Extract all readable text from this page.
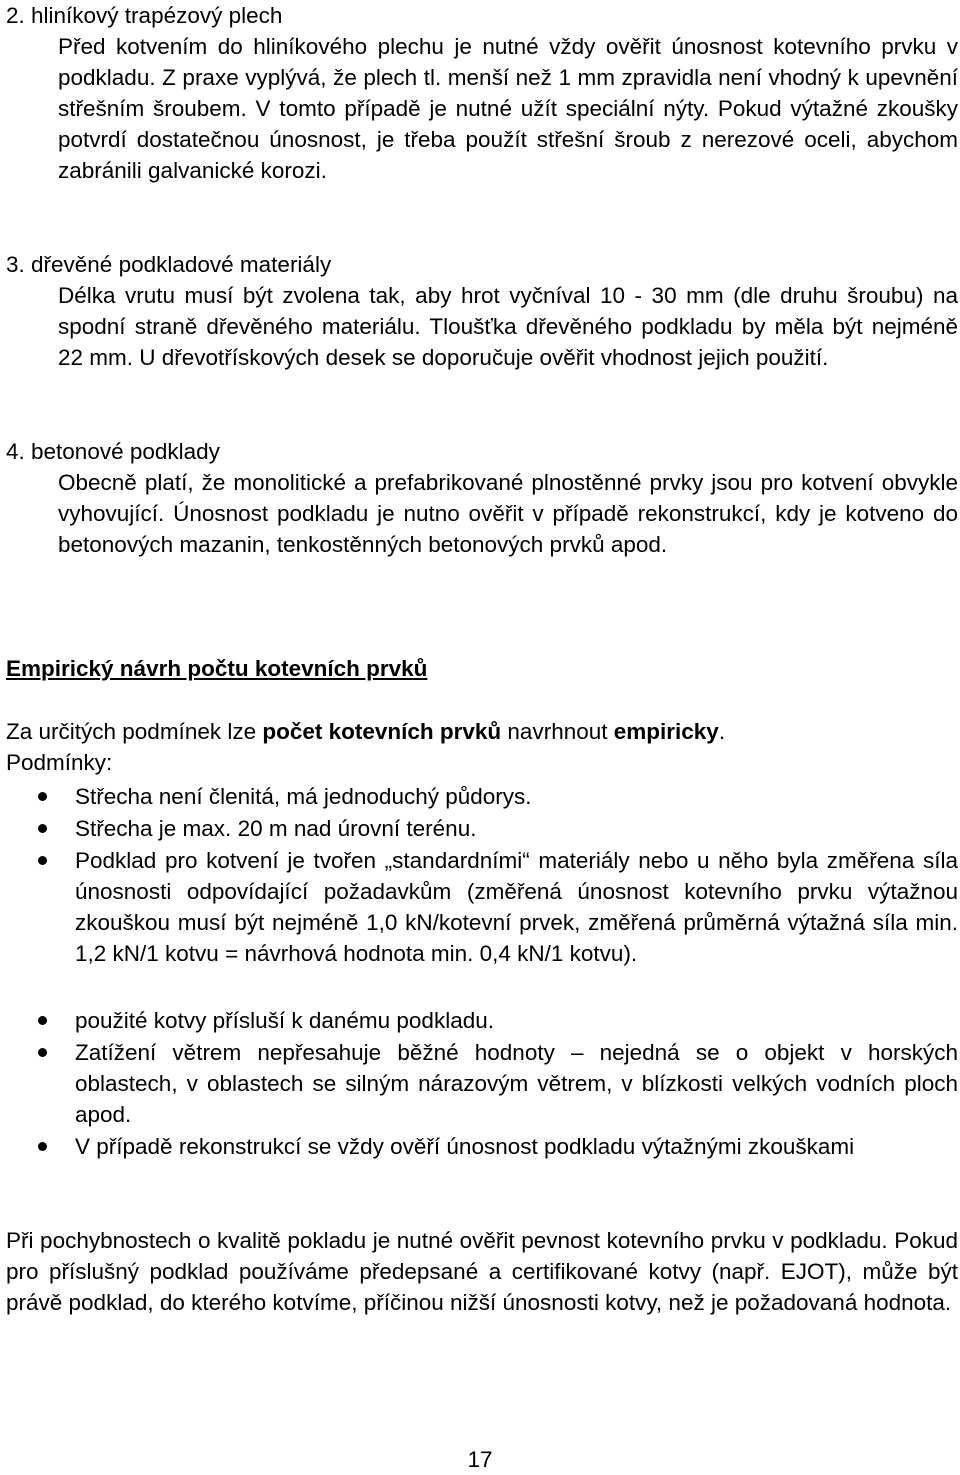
2. hliníkový trapézový plech

Před kotvením do hliníkového plechu je nutné vždy ověřit únosnost kotevního prvku v podkladu. Z praxe vyplývá, že plech tl. menší než 1 mm zpravidla není vhodný k upevnění střešním šroubem. V tomto případě je nutné užít speciální nýty. Pokud výtažné zkoušky potvrdí dostatečnou únosnost, je třeba použít střešní šroub z nerezové oceli, abychom zabránili galvanické korozi.

3. dřevěné podkladové materiály

Délka vrutu musí být zvolena tak, aby hrot vyčníval 10 - 30 mm (dle druhu šroubu) na spodní straně dřevěného materiálu. Tloušťka dřevěného podkladu by měla být nejméně 22 mm. U dřevotřískových desek se doporučuje ověřit vhodnost jejich použití.

4. betonové podklady

Obecně platí, že monolitické a prefabrikované plnostěnné prvky jsou pro kotvení obvykle vyhovující. Únosnost podkladu je nutno ověřit v případě rekonstrukcí, kdy je kotveno do betonových mazanin, tenkostěnných betonových prvků apod.

Empirický návrh počtu kotevních prvků

Za určitých podmínek lze počet kotevních prvků navrhnout empiricky.

Podmínky:

Střecha není členitá, má jednoduchý půdorys.
Střecha je max. 20 m nad úrovní terénu.
Podklad pro kotvení je tvořen „standardními“ materiály nebo u něho byla změřena síla únosnosti odpovídající požadavkům (změřená únosnost kotevního prvku výtažnou zkouškou musí být nejméně 1,0 kN/kotevní prvek, změřená průměrná výtažná síla min. 1,2 kN/1 kotvu = návrhová hodnota min. 0,4 kN/1 kotvu).
použité kotvy přísluší k danému podkladu.
Zatížení větrem nepřesahuje běžné hodnoty – nejedná se o objekt v horských oblastech, v oblastech se silným nárazovým větrem, v blízkosti velkých vodních ploch apod.
V případě rekonstrukcí se vždy ověří únosnost podkladu výtažnými zkouškami

Při pochybnostech o kvalitě pokladu je nutné ověřit pevnost kotevního prvku v podkladu. Pokud pro příslušný podklad používáme předepsané a certifikované kotvy (např. EJOT), může být právě podklad, do kterého kotvíme, příčinou nižší únosnosti kotvy, než je požadovaná hodnota.

17
